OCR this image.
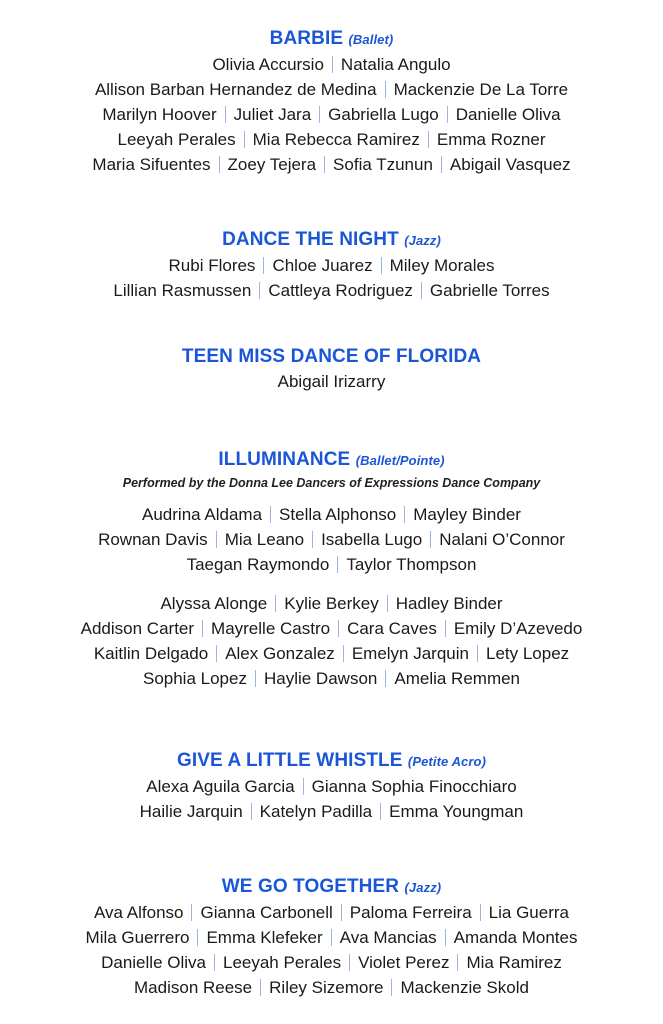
BARBIE (Ballet)
Olivia Accursio Natalia Angulo
Allison Barban Hernandez de Medina Mackenzie De La Torre
Marilyn Hoover Juliet Jara Gabriella Lugo Danielle Oliva
Leeyah Perales Mia Rebecca Ramirez Emma Rozner
Maria Sifuentes Zoey Tejera Sofia Tzunun Abigail Vasquez
DANCE THE NIGHT (Jazz)
Rubi Flores Chloe Juarez Miley Morales
Lillian Rasmussen Cattleya Rodriguez Gabrielle Torres
TEEN MISS DANCE OF FLORIDA
Abigail Irizarry
ILLUMINANCE (Ballet/Pointe)
Performed by the Donna Lee Dancers of Expressions Dance Company
Audrina Aldama Stella Alphonso Mayley Binder
Rownan Davis Mia Leano Isabella Lugo Nalani O’Connor
Taegan Raymondo Taylor Thompson
Alyssa Alonge Kylie Berkey Hadley Binder
Addison Carter Mayrelle Castro Cara Caves Emily D’Azevedo
Kaitlin Delgado Alex Gonzalez Emelyn Jarquin Lety Lopez
Sophia Lopez Haylie Dawson Amelia Remmen
GIVE A LITTLE WHISTLE (Petite Acro)
Alexa Aguila Garcia Gianna Sophia Finocchiaro
Hailie Jarquin Katelyn Padilla Emma Youngman
WE GO TOGETHER (Jazz)
Ava Alfonso Gianna Carbonell Paloma Ferreira Lia Guerra
Mila Guerrero Emma Klefeker Ava Mancias Amanda Montes
Danielle Oliva Leeyah Perales Violet Perez Mia Ramirez
Madison Reese Riley Sizemore Mackenzie Skold
